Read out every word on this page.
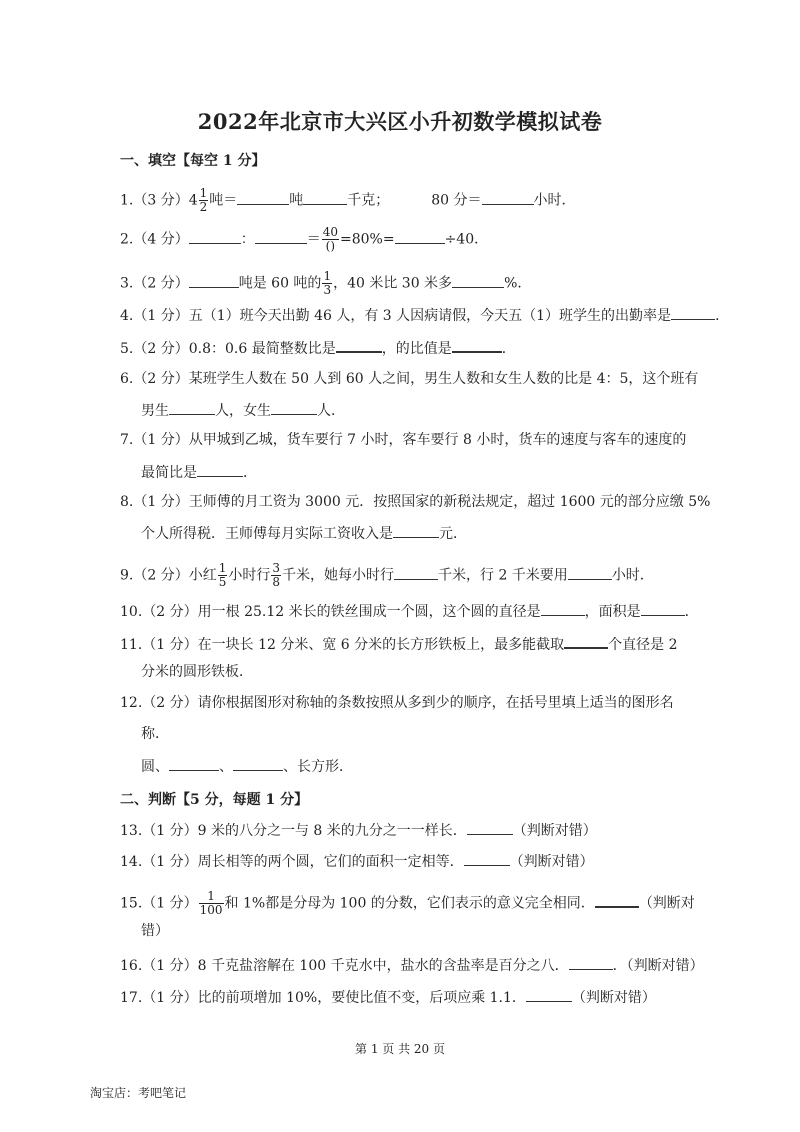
2022年北京市大兴区小升初数学模拟试卷
一、填空【每空 1 分】
1.（3 分）$4 \frac{1}{2}$ 吨＝	吨	千克；	80 分＝	小时．
2.（4 分）	：	＝ $\frac{40}{()} =80\%=$	÷40．
3.（2 分）	吨是 60 吨的 $\frac{1}{3}$ ，40 米比 30 米多	%．
4.（1 分）五（1）班今天出勤 46 人，有 3 人因病请假，今天五（1）班学生的出勤率是	．
5.（2 分）0.8：0.6 最简整数比是	，的比值是	．
6.（2 分）某班学生人数在 50 人到 60 人之间，男生人数和女生人数的比是 4：5，这个班有
男生	人，女生	人．
7.（1 分）从甲城到乙城，货车要行 7 小时，客车要行 8 小时，货车的速度与客车的速度的
最简比是	．
8.（1 分）王师傅的月工资为 3000 元．按照国家的新税法规定，超过 1600 元的部分应缴 5%
个人所得税．王师傅每月实际工资收入是	元．
9.（2 分）小红 $\frac{1}{5}$ 小时行 $\frac{3}{8}$ 千米，她每小时行	千米，行 2 千米要用	小时．
10.（2 分）用一根 25.12 米长的铁丝围成一个圆，这个圆的直径是	，面积是	．
11.（1 分）在一块长 12 分米、宽 6 分米的长方形铁板上，最多能截取	个直径是 2
分米的圆形铁板．
12.（2 分）请你根据图形对称轴的条数按照从多到少的顺序，在括号里填上适当的图形名
称．
圆、	、	、长方形．
二、判断【5 分，每题 1 分】
13.（1 分）9 米的八分之一与 8 米的九分之一一样长．	（判断对错）
14.（1 分）周长相等的两个圆，它们的面积一定相等．	（判断对错）
15.（1 分） $\frac{1}{100}$ 和 1%都是分母为 100 的分数，它们表示的意义完全相同．	（判断对
错）
16.（1 分）8 千克盐溶解在 100 千克水中，盐水的含盐率是百分之八．	．（判断对错）
17.（1 分）比的前项增加 10%，要使比值不变，后项应乘 1.1．	（判断对错）
第 1 页 共 20 页
淘宝店：考吧笔记
